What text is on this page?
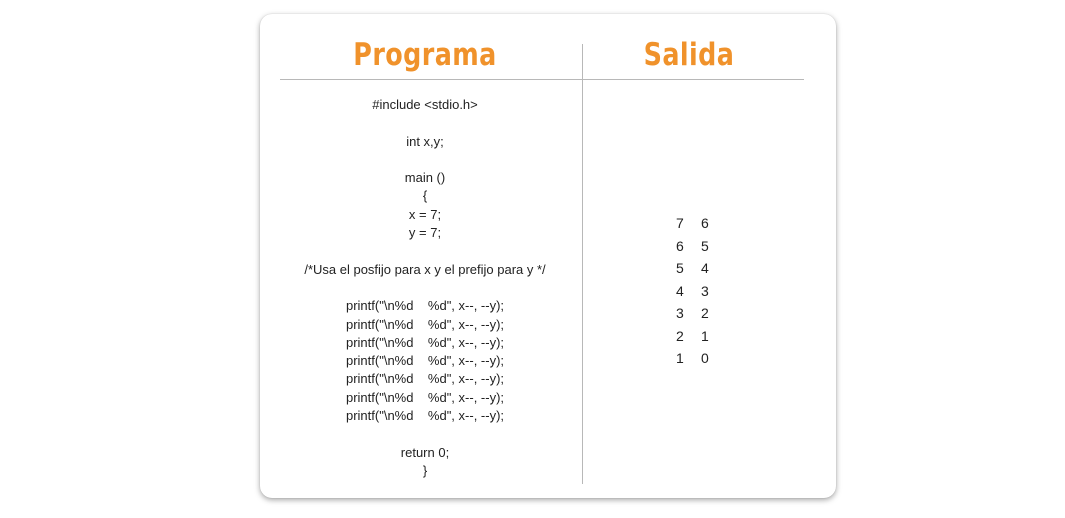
Programa	Salida
#include <stdio.h>
int x,y;
main ()
{
x = 7;
y = 7;
/*Usa el posfijo para x y el prefijo para y */
printf("\n%d    %d", x--, --y);
printf("\n%d    %d", x--, --y);
printf("\n%d    %d", x--, --y);
printf("\n%d    %d", x--, --y);
printf("\n%d    %d", x--, --y);
printf("\n%d    %d", x--, --y);
printf("\n%d    %d", x--, --y);
return 0;
}
7 6
6 5
5 4
4 3
3 2
2 1
1 0
